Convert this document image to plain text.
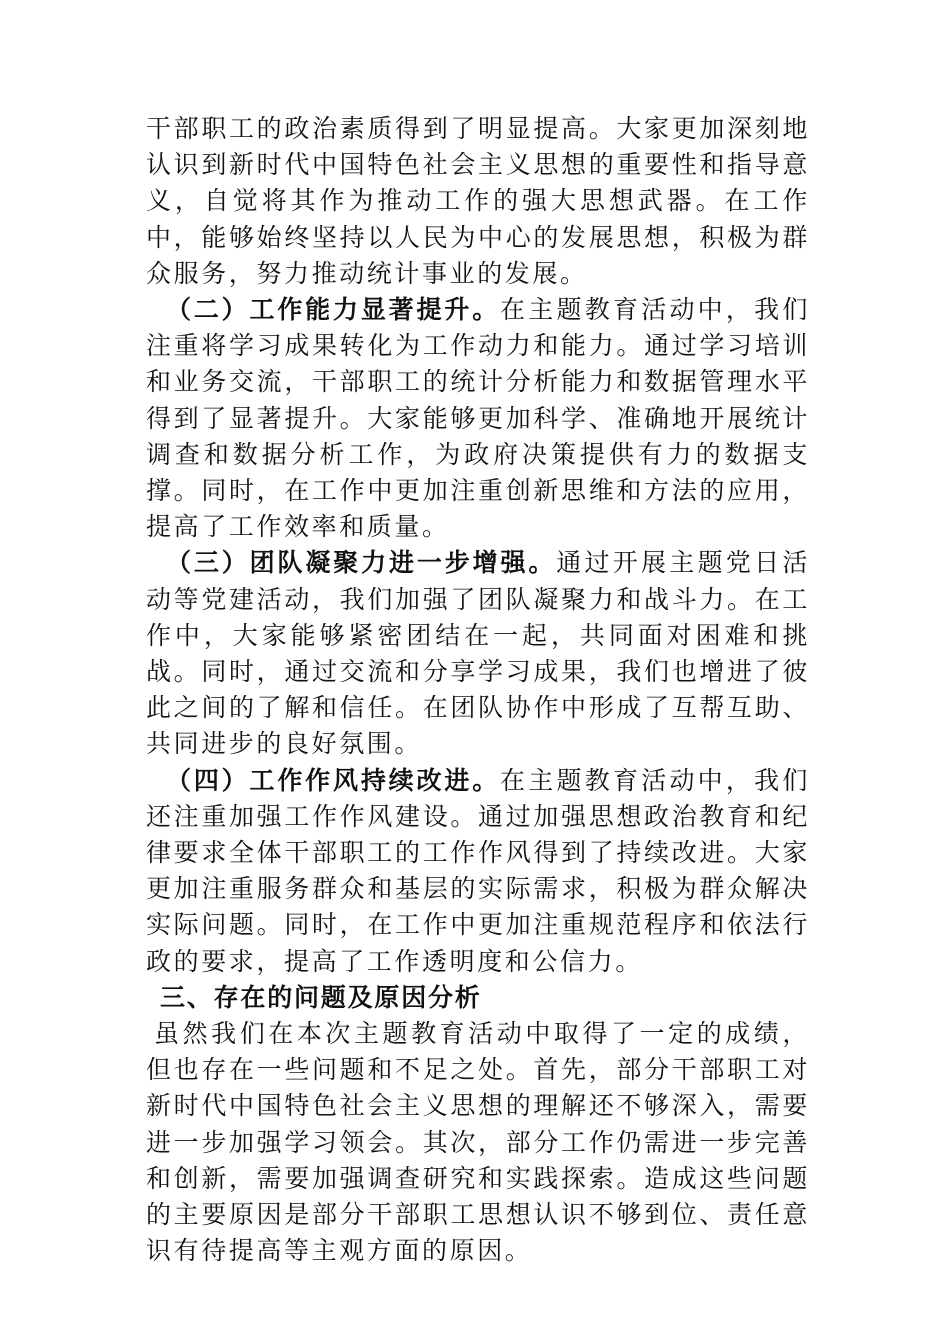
干部职工的政治素质得到了明显提高。大家更加深刻地认识到新时代中国特色社会主义思想的重要性和指导意义，自觉将其作为推动工作的强大思想武器。在工作中，能够始终坚持以人民为中心的发展思想，积极为群众服务，努力推动统计事业的发展。

（二）工作能力显著提升。在主题教育活动中，我们注重将学习成果转化为工作动力和能力。通过学习培训和业务交流，干部职工的统计分析能力和数据管理水平得到了显著提升。大家能够更加科学、准确地开展统计调查和数据分析工作，为政府决策提供有力的数据支撑。同时，在工作中更加注重创新思维和方法的应用，提高了工作效率和质量。

（三）团队凝聚力进一步增强。通过开展主题党日活动等党建活动，我们加强了团队凝聚力和战斗力。在工作中，大家能够紧密团结在一起，共同面对困难和挑战。同时，通过交流和分享学习成果，我们也增进了彼此之间的了解和信任。在团队协作中形成了互帮互助、共同进步的良好氛围。

（四）工作作风持续改进。在主题教育活动中，我们还注重加强工作作风建设。通过加强思想政治教育和纪律要求全体干部职工的工作作风得到了持续改进。大家更加注重服务群众和基层的实际需求，积极为群众解决实际问题。同时，在工作中更加注重规范程序和依法行政的要求，提高了工作透明度和公信力。

三、存在的问题及原因分析

虽然我们在本次主题教育活动中取得了一定的成绩，但也存在一些问题和不足之处。首先，部分干部职工对新时代中国特色社会主义思想的理解还不够深入，需要进一步加强学习领会。其次，部分工作仍需进一步完善和创新，需要加强调查研究和实践探索。造成这些问题的主要原因是部分干部职工思想认识不够到位、责任意识有待提高等主观方面的原因。
